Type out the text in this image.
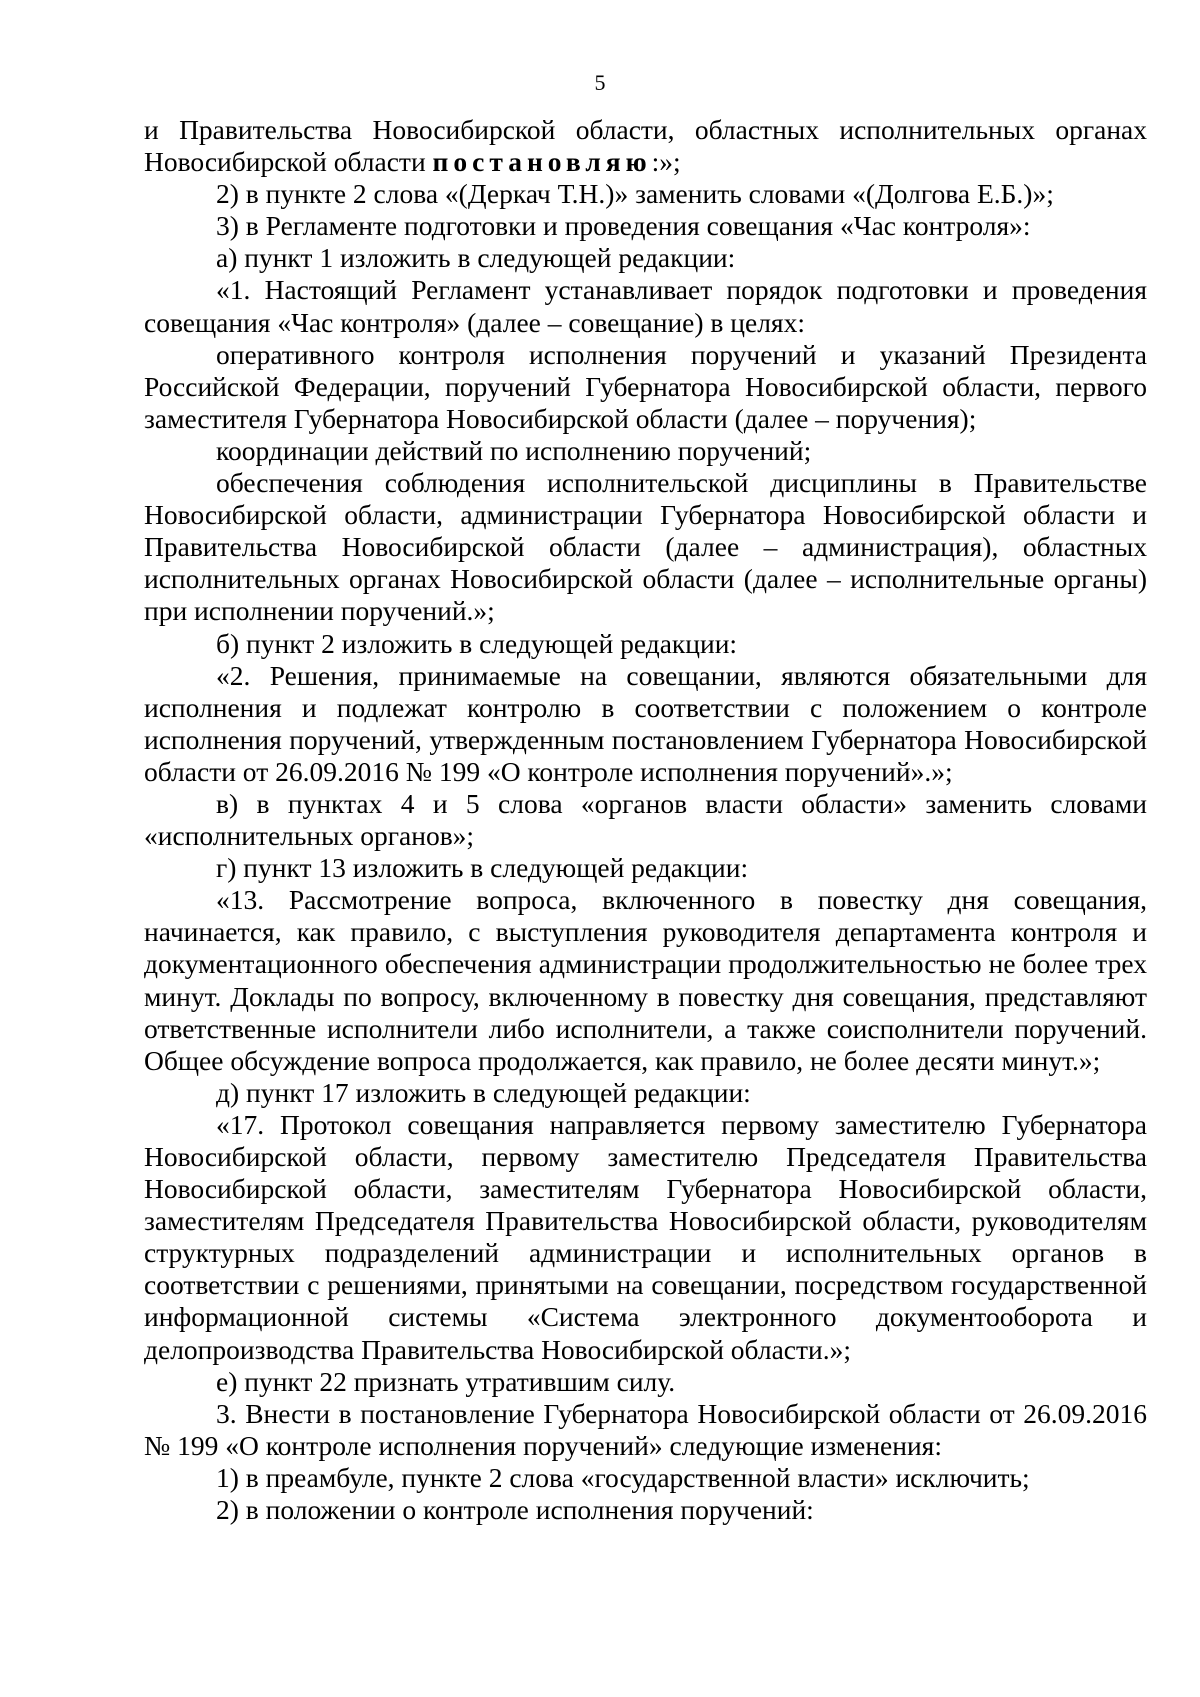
5

и Правительства Новосибирской области, областных исполнительных органах Новосибирской области постановляю:»;

2) в пункте 2 слова «(Деркач Т.Н.)» заменить словами «(Долгова Е.Б.)»;

3) в Регламенте подготовки и проведения совещания «Час контроля»:

а) пункт 1 изложить в следующей редакции:

«1. Настоящий Регламент устанавливает порядок подготовки и проведения совещания «Час контроля» (далее – совещание) в целях:

оперативного контроля исполнения поручений и указаний Президента Российской Федерации, поручений Губернатора Новосибирской области, первого заместителя Губернатора Новосибирской области (далее – поручения);

координации действий по исполнению поручений;

обеспечения соблюдения исполнительской дисциплины в Правительстве Новосибирской области, администрации Губернатора Новосибирской области и Правительства Новосибирской области (далее – администрация), областных исполнительных органах Новосибирской области (далее – исполнительные органы) при исполнении поручений.»;

б) пункт 2 изложить в следующей редакции:

«2. Решения, принимаемые на совещании, являются обязательными для исполнения и подлежат контролю в соответствии с положением о контроле исполнения поручений, утвержденным постановлением Губернатора Новосибирской области от 26.09.2016 № 199 «О контроле исполнения поручений».»;

в) в пунктах 4 и 5 слова «органов власти области» заменить словами «исполнительных органов»;

г) пункт 13 изложить в следующей редакции:

«13. Рассмотрение вопроса, включенного в повестку дня совещания, начинается, как правило, с выступления руководителя департамента контроля и документационного обеспечения администрации продолжительностью не более трех минут. Доклады по вопросу, включенному в повестку дня совещания, представляют ответственные исполнители либо исполнители, а также соисполнители поручений. Общее обсуждение вопроса продолжается, как правило, не более десяти минут.»;

д) пункт 17 изложить в следующей редакции:

«17. Протокол совещания направляется первому заместителю Губернатора Новосибирской области, первому заместителю Председателя Правительства Новосибирской области, заместителям Губернатора Новосибирской области, заместителям Председателя Правительства Новосибирской области, руководителям структурных подразделений администрации и исполнительных органов в соответствии с решениями, принятыми на совещании, посредством государственной информационной системы «Система электронного документооборота и делопроизводства Правительства Новосибирской области.»;

е) пункт 22 признать утратившим силу.

3. Внести в постановление Губернатора Новосибирской области от 26.09.2016 № 199 «О контроле исполнения поручений» следующие изменения:

1) в преамбуле, пункте 2 слова «государственной власти» исключить;

2) в положении о контроле исполнения поручений:
